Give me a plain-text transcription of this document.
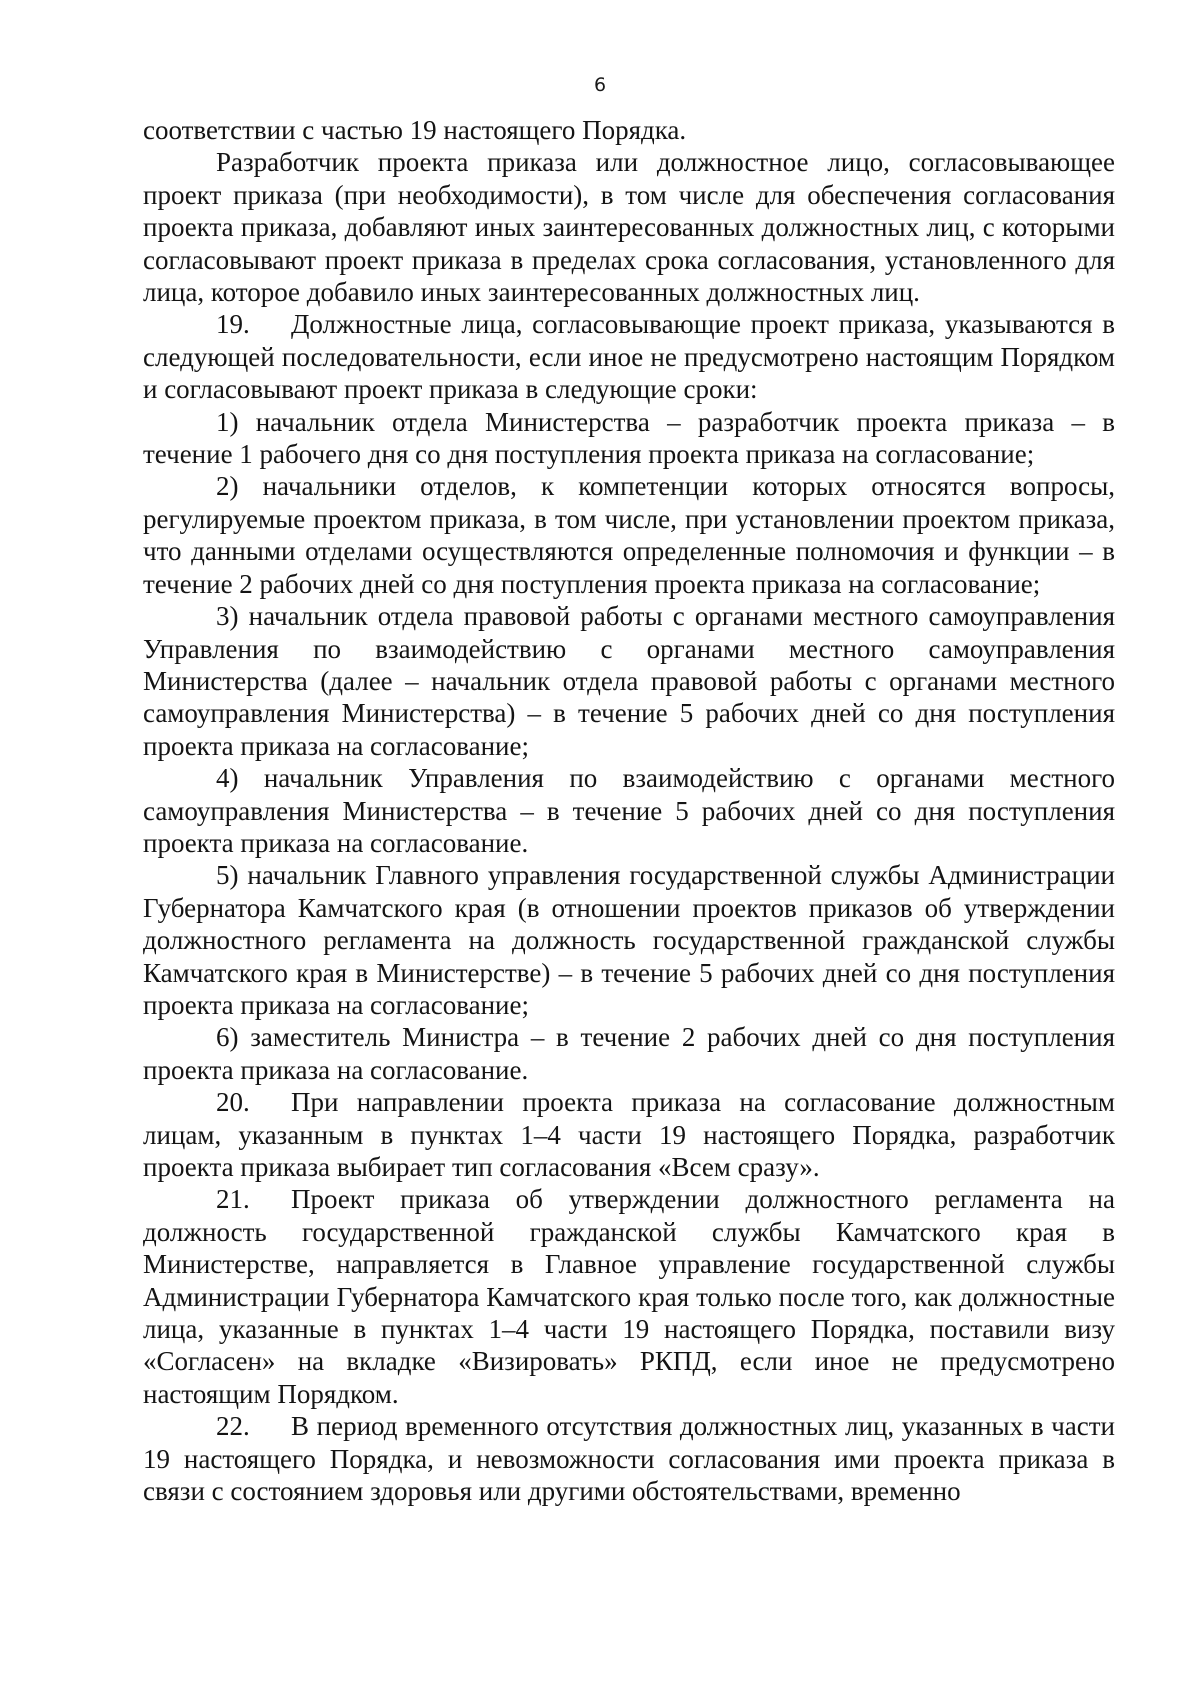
6

соответствии с частью 19 настоящего Порядка.

Разработчик проекта приказа или должностное лицо, согласовывающее проект приказа (при необходимости), в том числе для обеспечения согласования проекта приказа, добавляют иных заинтересованных должностных лиц, с которыми согласовывают проект приказа в пределах срока согласования, установленного для лица, которое добавило иных заинтересованных должностных лиц.

19. Должностные лица, согласовывающие проект приказа, указываются в следующей последовательности, если иное не предусмотрено настоящим Порядком и согласовывают проект приказа в следующие сроки:

1) начальник отдела Министерства – разработчик проекта приказа – в течение 1 рабочего дня со дня поступления проекта приказа на согласование;

2) начальники отделов, к компетенции которых относятся вопросы, регулируемые проектом приказа, в том числе, при установлении проектом приказа, что данными отделами осуществляются определенные полномочия и функции – в течение 2 рабочих дней со дня поступления проекта приказа на согласование;

3) начальник отдела правовой работы с органами местного самоуправления Управления по взаимодействию с органами местного самоуправления Министерства (далее – начальник отдела правовой работы с органами местного самоуправления Министерства) – в течение 5 рабочих дней со дня поступления проекта приказа на согласование;

4) начальник Управления по взаимодействию с органами местного самоуправления Министерства – в течение 5 рабочих дней со дня поступления проекта приказа на согласование.

5) начальник Главного управления государственной службы Администрации Губернатора Камчатского края (в отношении проектов приказов об утверждении должностного регламента на должность государственной гражданской службы Камчатского края в Министерстве) – в течение 5 рабочих дней со дня поступления проекта приказа на согласование;

6) заместитель Министра – в течение 2 рабочих дней со дня поступления проекта приказа на согласование.

20. При направлении проекта приказа на согласование должностным лицам, указанным в пунктах 1–4 части 19 настоящего Порядка, разработчик проекта приказа выбирает тип согласования «Всем сразу».

21. Проект приказа об утверждении должностного регламента на должность государственной гражданской службы Камчатского края в Министерстве, направляется в Главное управление государственной службы Администрации Губернатора Камчатского края только после того, как должностные лица, указанные в пунктах 1–4 части 19 настоящего Порядка, поставили визу «Согласен» на вкладке «Визировать» РКПД, если иное не предусмотрено настоящим Порядком.

22. В период временного отсутствия должностных лиц, указанных в части 19 настоящего Порядка, и невозможности согласования ими проекта приказа в связи с состоянием здоровья или другими обстоятельствами, временно
